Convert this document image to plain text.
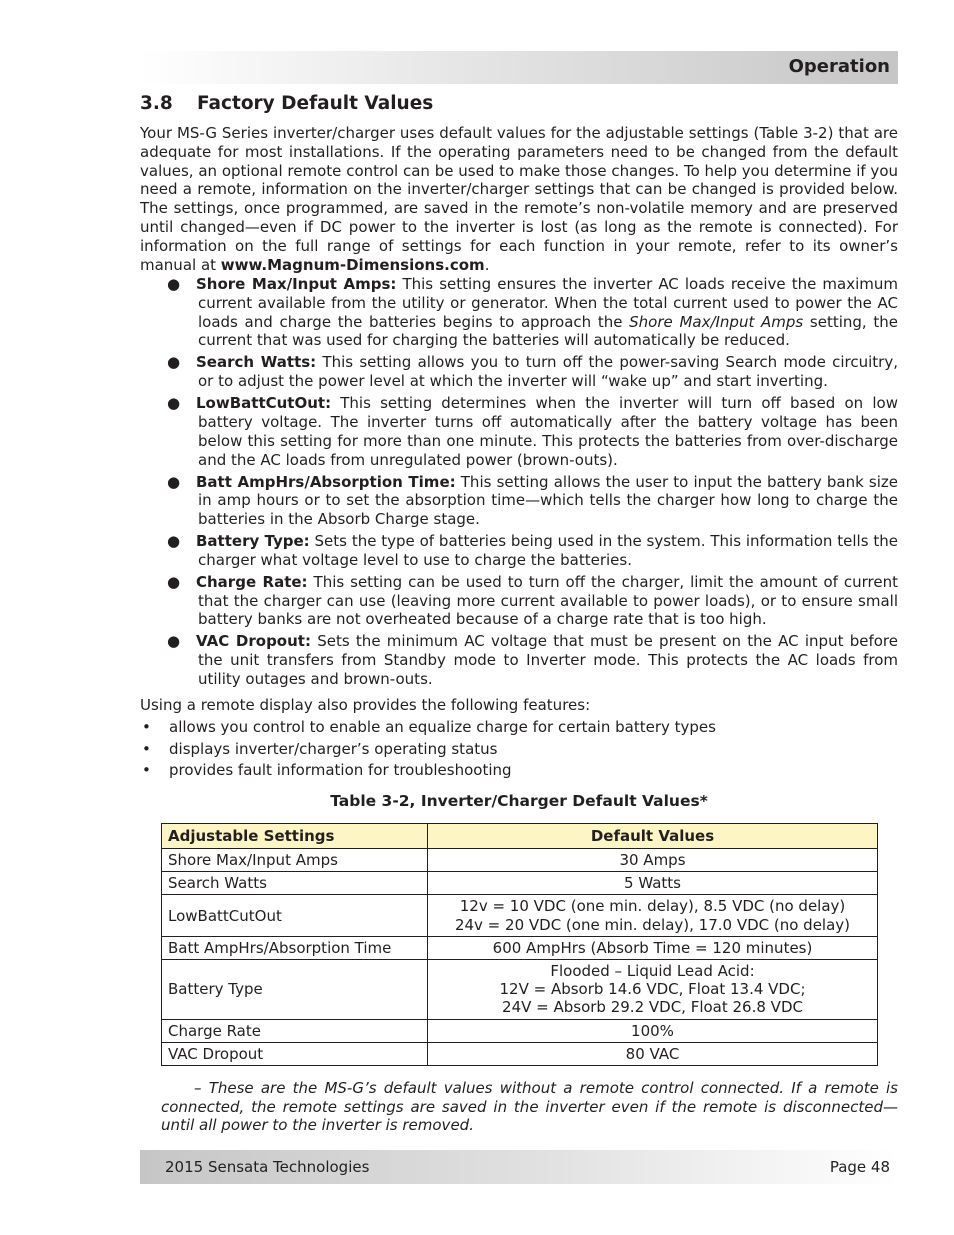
Operation
3.8 Factory Default Values
Your MS-G Series inverter/charger uses default values for the adjustable settings (Table 3-2) that are adequate for most installations. If the operating parameters need to be changed from the default values, an optional remote control can be used to make those changes. To help you determine if you need a remote, information on the inverter/charger settings that can be changed is provided below. The settings, once programmed, are saved in the remote’s non-volatile memory and are preserved until changed—even if DC power to the inverter is lost (as long as the remote is connected). For information on the full range of settings for each function in your remote, refer to its owner’s manual at www.Magnum-Dimensions.com.
● Shore Max/Input Amps: This setting ensures the inverter AC loads receive the maximum current available from the utility or generator. When the total current used to power the AC loads and charge the batteries begins to approach the Shore Max/Input Amps setting, the current that was used for charging the batteries will automatically be reduced.
● Search Watts: This setting allows you to turn off the power-saving Search mode circuitry, or to adjust the power level at which the inverter will “wake up” and start inverting.
● LowBattCutOut: This setting determines when the inverter will turn off based on low battery voltage. The inverter turns off automatically after the battery voltage has been below this setting for more than one minute. This protects the batteries from over-discharge and the AC loads from unregulated power (brown-outs).
● Batt AmpHrs/Absorption Time: This setting allows the user to input the battery bank size in amp hours or to set the absorption time—which tells the charger how long to charge the batteries in the Absorb Charge stage.
● Battery Type: Sets the type of batteries being used in the system. This information tells the charger what voltage level to use to charge the batteries.
● Charge Rate: This setting can be used to turn off the charger, limit the amount of current that the charger can use (leaving more current available to power loads), or to ensure small battery banks are not overheated because of a charge rate that is too high.
● VAC Dropout: Sets the minimum AC voltage that must be present on the AC input before the unit transfers from Standby mode to Inverter mode. This protects the AC loads from utility outages and brown-outs.
Using a remote display also provides the following features:
• allows you control to enable an equalize charge for certain battery types
• displays inverter/charger’s operating status
• provides fault information for troubleshooting
Table 3-2, Inverter/Charger Default Values*
Adjustable Settings	Default Values
Shore Max/Input Amps	30 Amps

Search Watts	5 Watts

LowBattCutOut	12v = 10 VDC (one min. delay), 8.5 VDC (no delay)
24v = 20 VDC (one min. delay), 17.0 VDC (no delay)

Batt AmpHrs/Absorption Time	600 AmpHrs (Absorb Time = 120 minutes)

Battery Type	Flooded – Liquid Lead Acid:
12V = Absorb 14.6 VDC, Float 13.4 VDC;
24V = Absorb 29.2 VDC, Float 26.8 VDC

Charge Rate	100%

VAC Dropout	80 VAC
– These are the MS-G’s default values without a remote control connected. If a remote is connected, the remote settings are saved in the inverter even if the remote is disconnected—until all power to the inverter is removed.
2015 Sensata Technologies	Page 48
